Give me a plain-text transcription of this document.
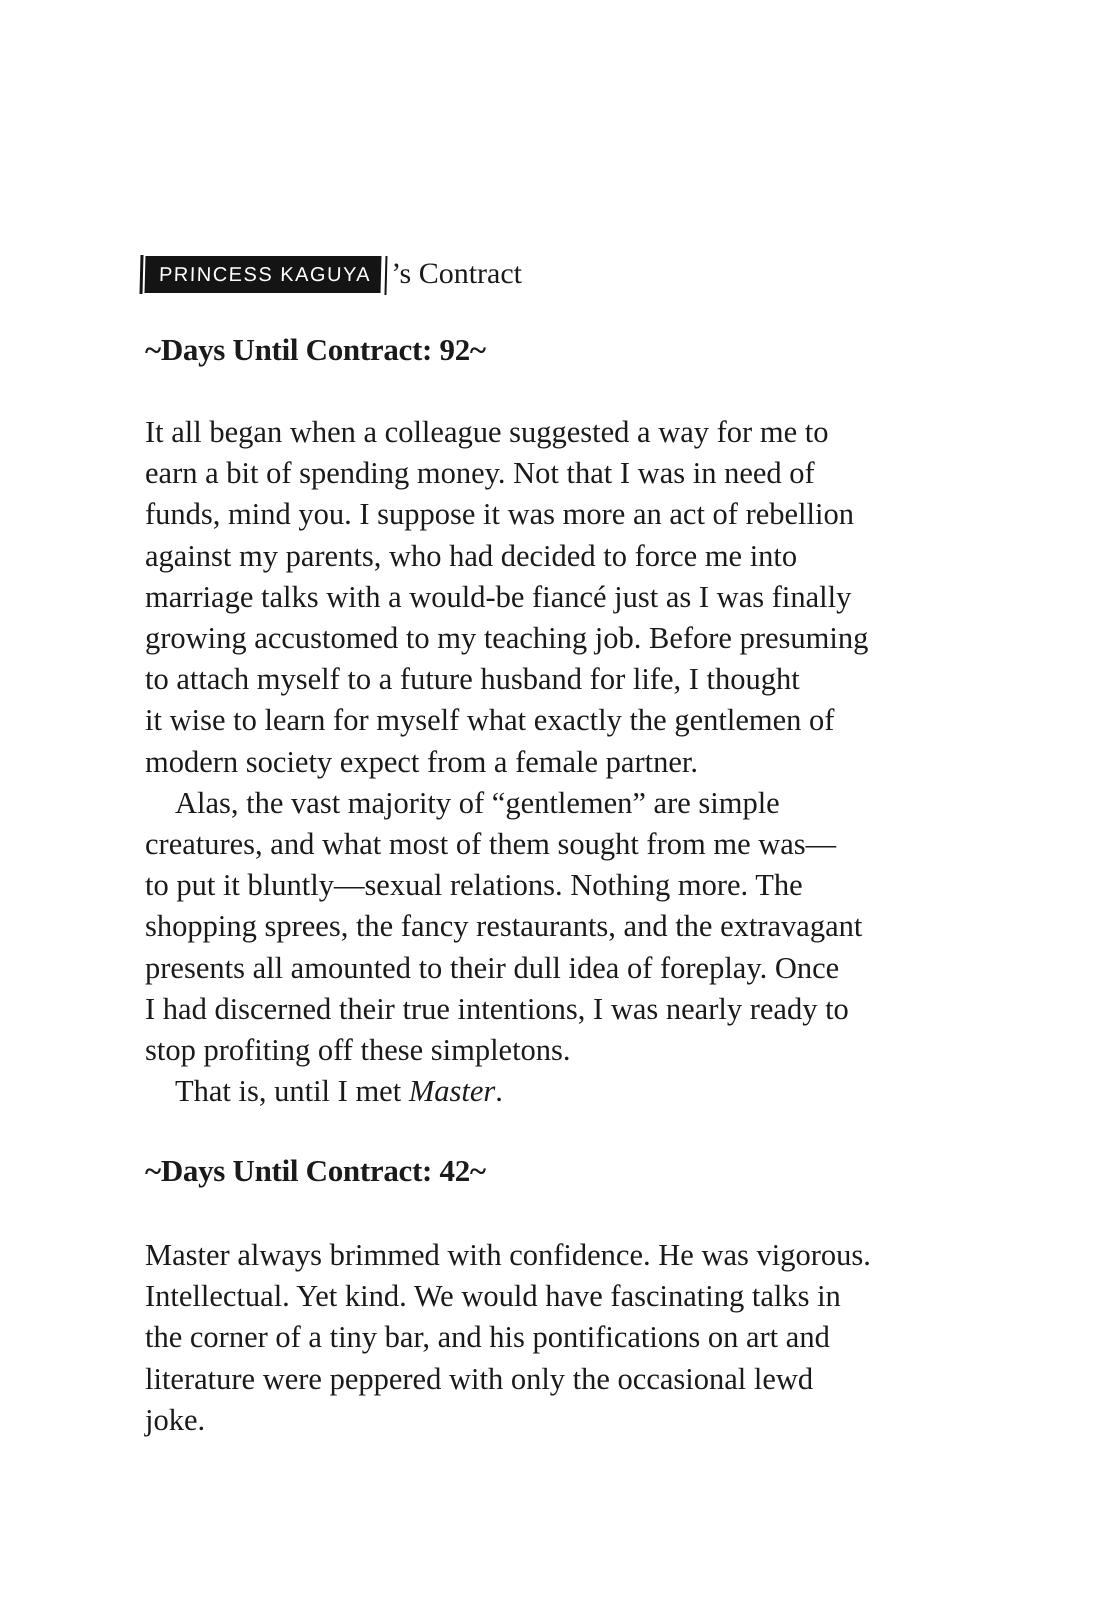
PRINCESS KAGUYA ’s Contract
~Days Until Contract: 92~
It all began when a colleague suggested a way for me to
earn a bit of spending money. Not that I was in need of
funds, mind you. I suppose it was more an act of rebellion
against my parents, who had decided to force me into
marriage talks with a would-be fiancé just as I was finally
growing accustomed to my teaching job. Before presuming
to attach myself to a future husband for life, I thought
it wise to learn for myself what exactly the gentlemen of
modern society expect from a female partner.
Alas, the vast majority of “gentlemen” are simple
creatures, and what most of them sought from me was—
to put it bluntly—sexual relations. Nothing more. The
shopping sprees, the fancy restaurants, and the extravagant
presents all amounted to their dull idea of foreplay. Once
I had discerned their true intentions, I was nearly ready to
stop profiting off these simpletons.
That is, until I met Master.
~Days Until Contract: 42~
Master always brimmed with confidence. He was vigorous.
Intellectual. Yet kind. We would have fascinating talks in
the corner of a tiny bar, and his pontifications on art and
literature were peppered with only the occasional lewd
joke.
